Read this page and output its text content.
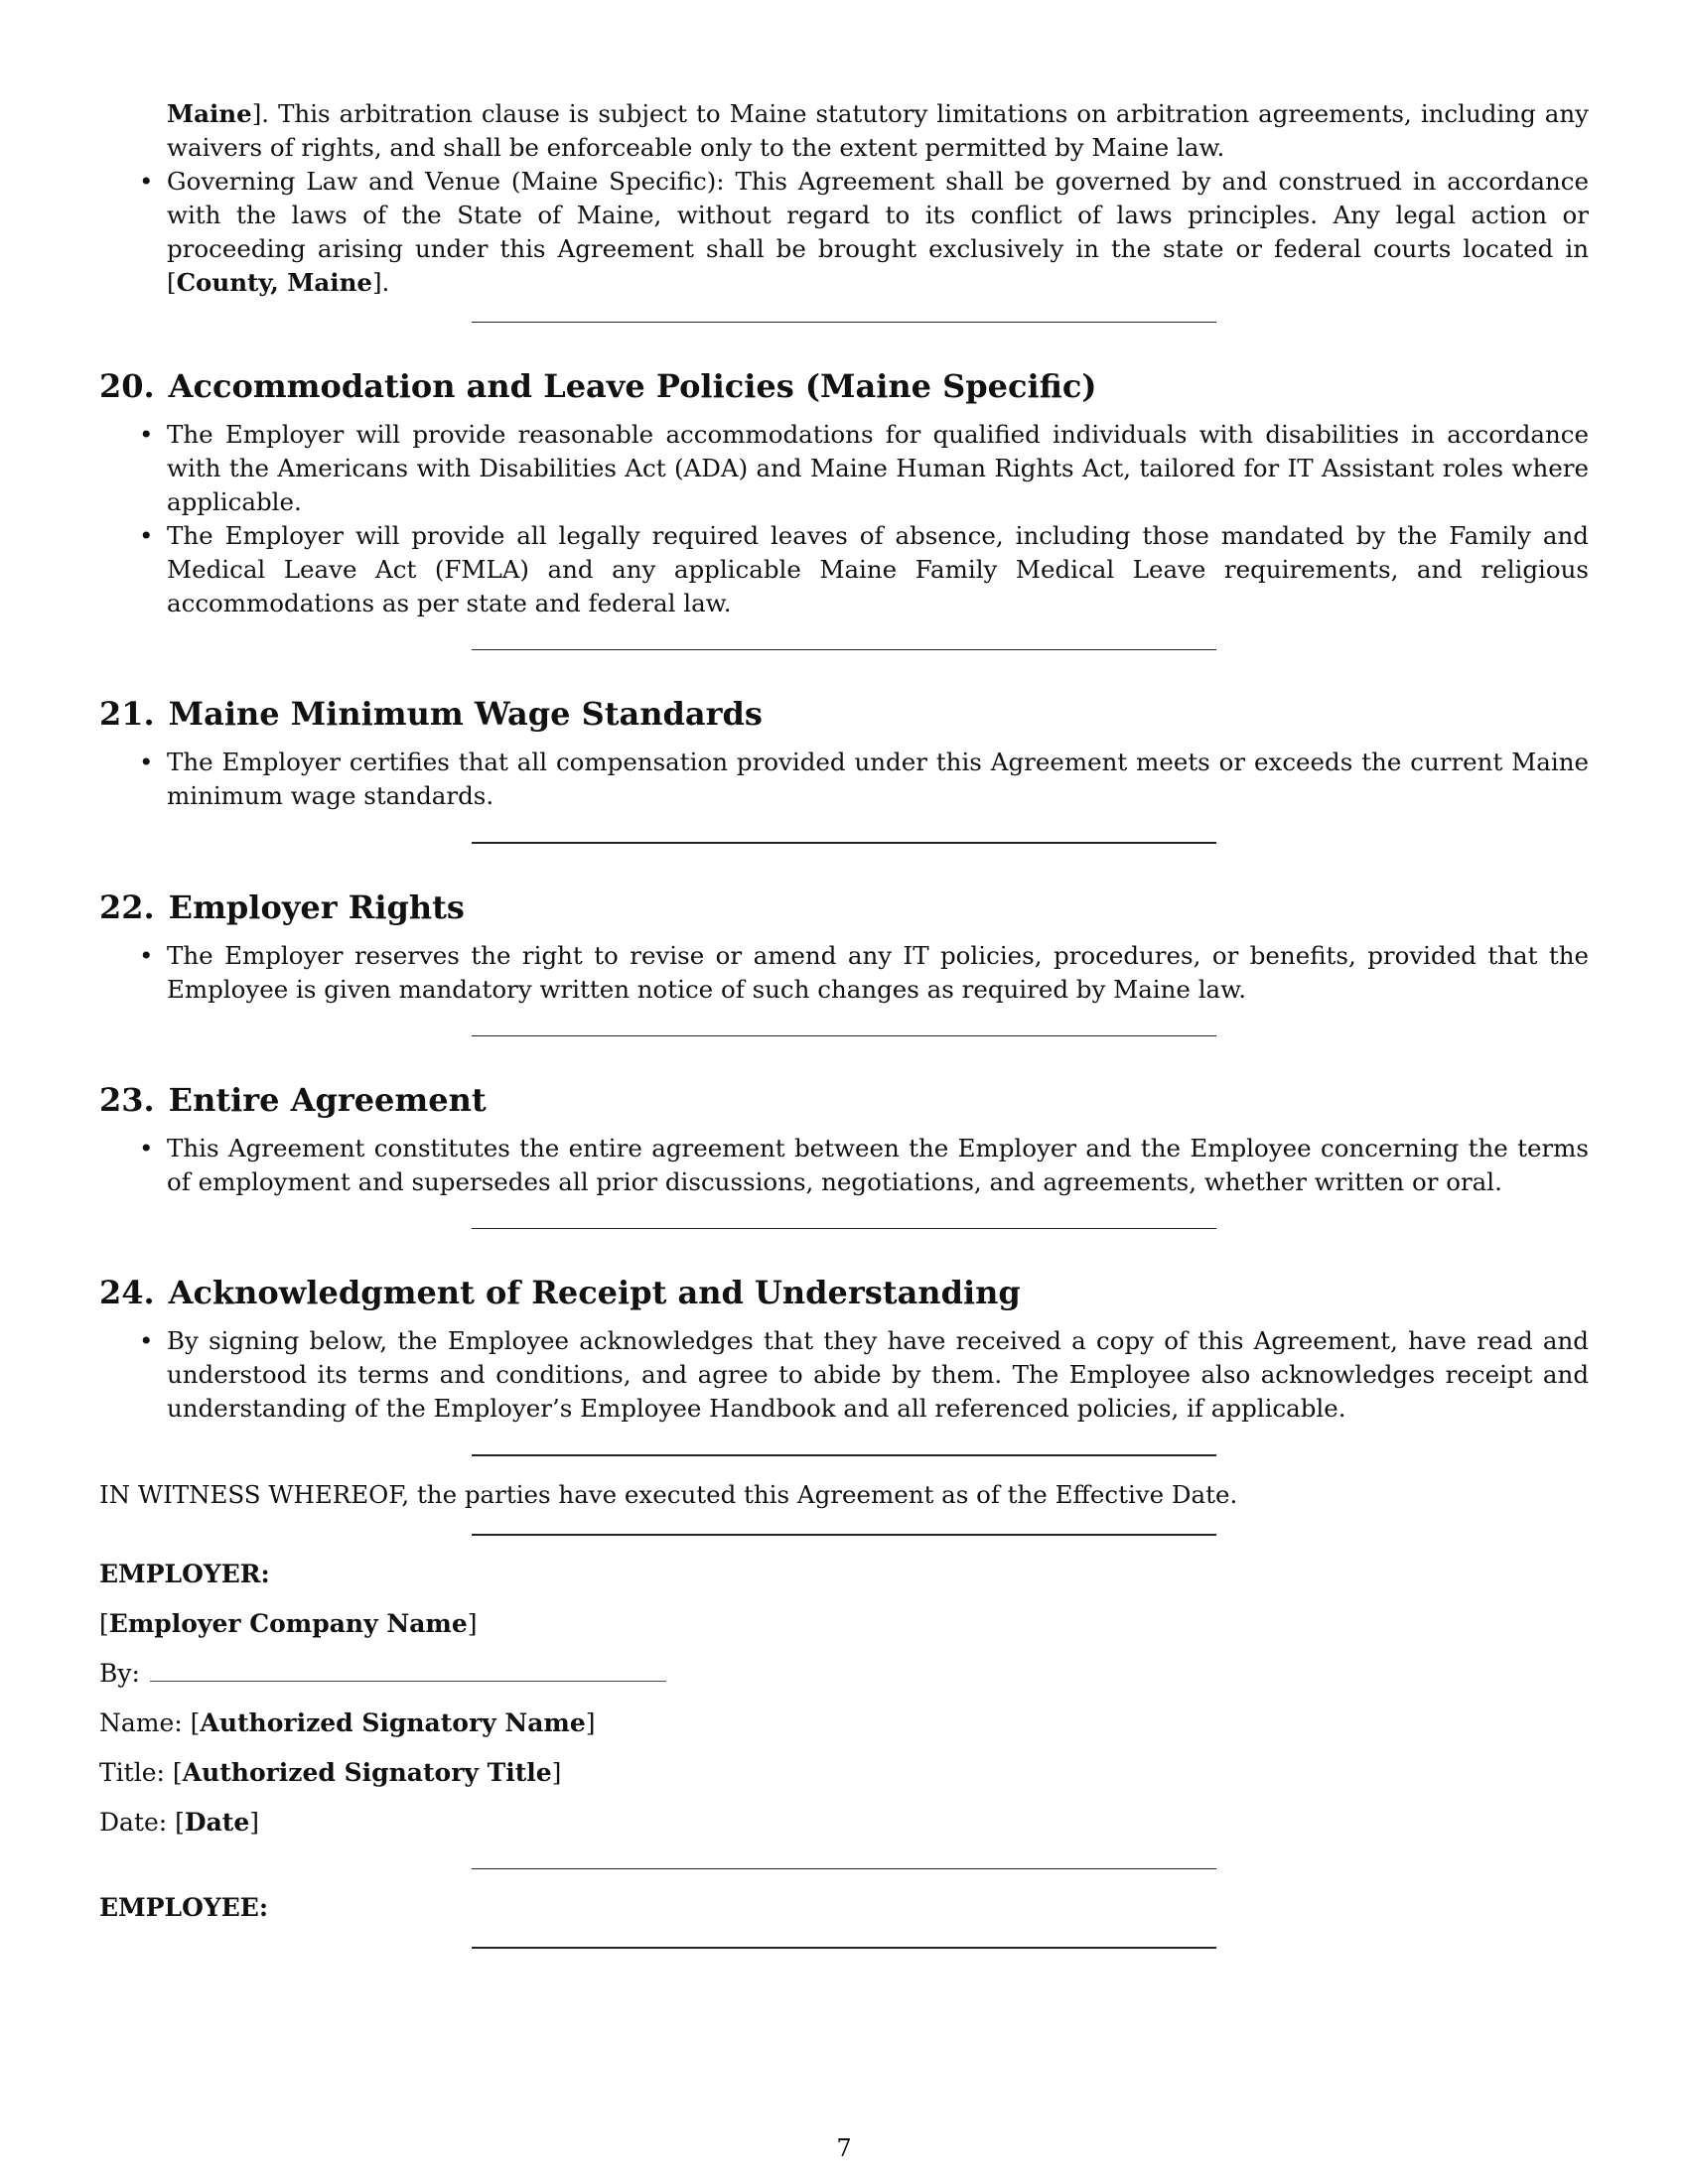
Maine]. This arbitration clause is subject to Maine statutory limitations on arbitration agreements, including any waivers of rights, and shall be enforceable only to the extent permitted by Maine law.

• Governing Law and Venue (Maine Specific): This Agreement shall be governed by and construed in accordance with the laws of the State of Maine, without regard to its conflict of laws principles. Any legal action or proceeding arising under this Agreement shall be brought exclusively in the state or federal courts located in [County, Maine].
20. Accommodation and Leave Policies (Maine Specific)
• The Employer will provide reasonable accommodations for qualified individuals with disabilities in accordance with the Americans with Disabilities Act (ADA) and Maine Human Rights Act, tailored for IT Assistant roles where applicable.
• The Employer will provide all legally required leaves of absence, including those mandated by the Family and Medical Leave Act (FMLA) and any applicable Maine Family Medical Leave requirements, and religious accommodations as per state and federal law.
21. Maine Minimum Wage Standards
• The Employer certifies that all compensation provided under this Agreement meets or exceeds the current Maine minimum wage standards.
22. Employer Rights
• The Employer reserves the right to revise or amend any IT policies, procedures, or benefits, provided that the Employee is given mandatory written notice of such changes as required by Maine law.
23. Entire Agreement
• This Agreement constitutes the entire agreement between the Employer and the Employee concerning the terms of employment and supersedes all prior discussions, negotiations, and agreements, whether written or oral.
24. Acknowledgment of Receipt and Understanding
• By signing below, the Employee acknowledges that they have received a copy of this Agreement, have read and understood its terms and conditions, and agree to abide by them. The Employee also acknowledges receipt and understanding of the Employer’s Employee Handbook and all referenced policies, if applicable.

IN WITNESS WHEREOF, the parties have executed this Agreement as of the Effective Date.

EMPLOYER:
[Employer Company Name]
By:
Name: [Authorized Signatory Name]
Title: [Authorized Signatory Title]
Date: [Date]
EMPLOYEE:
7
